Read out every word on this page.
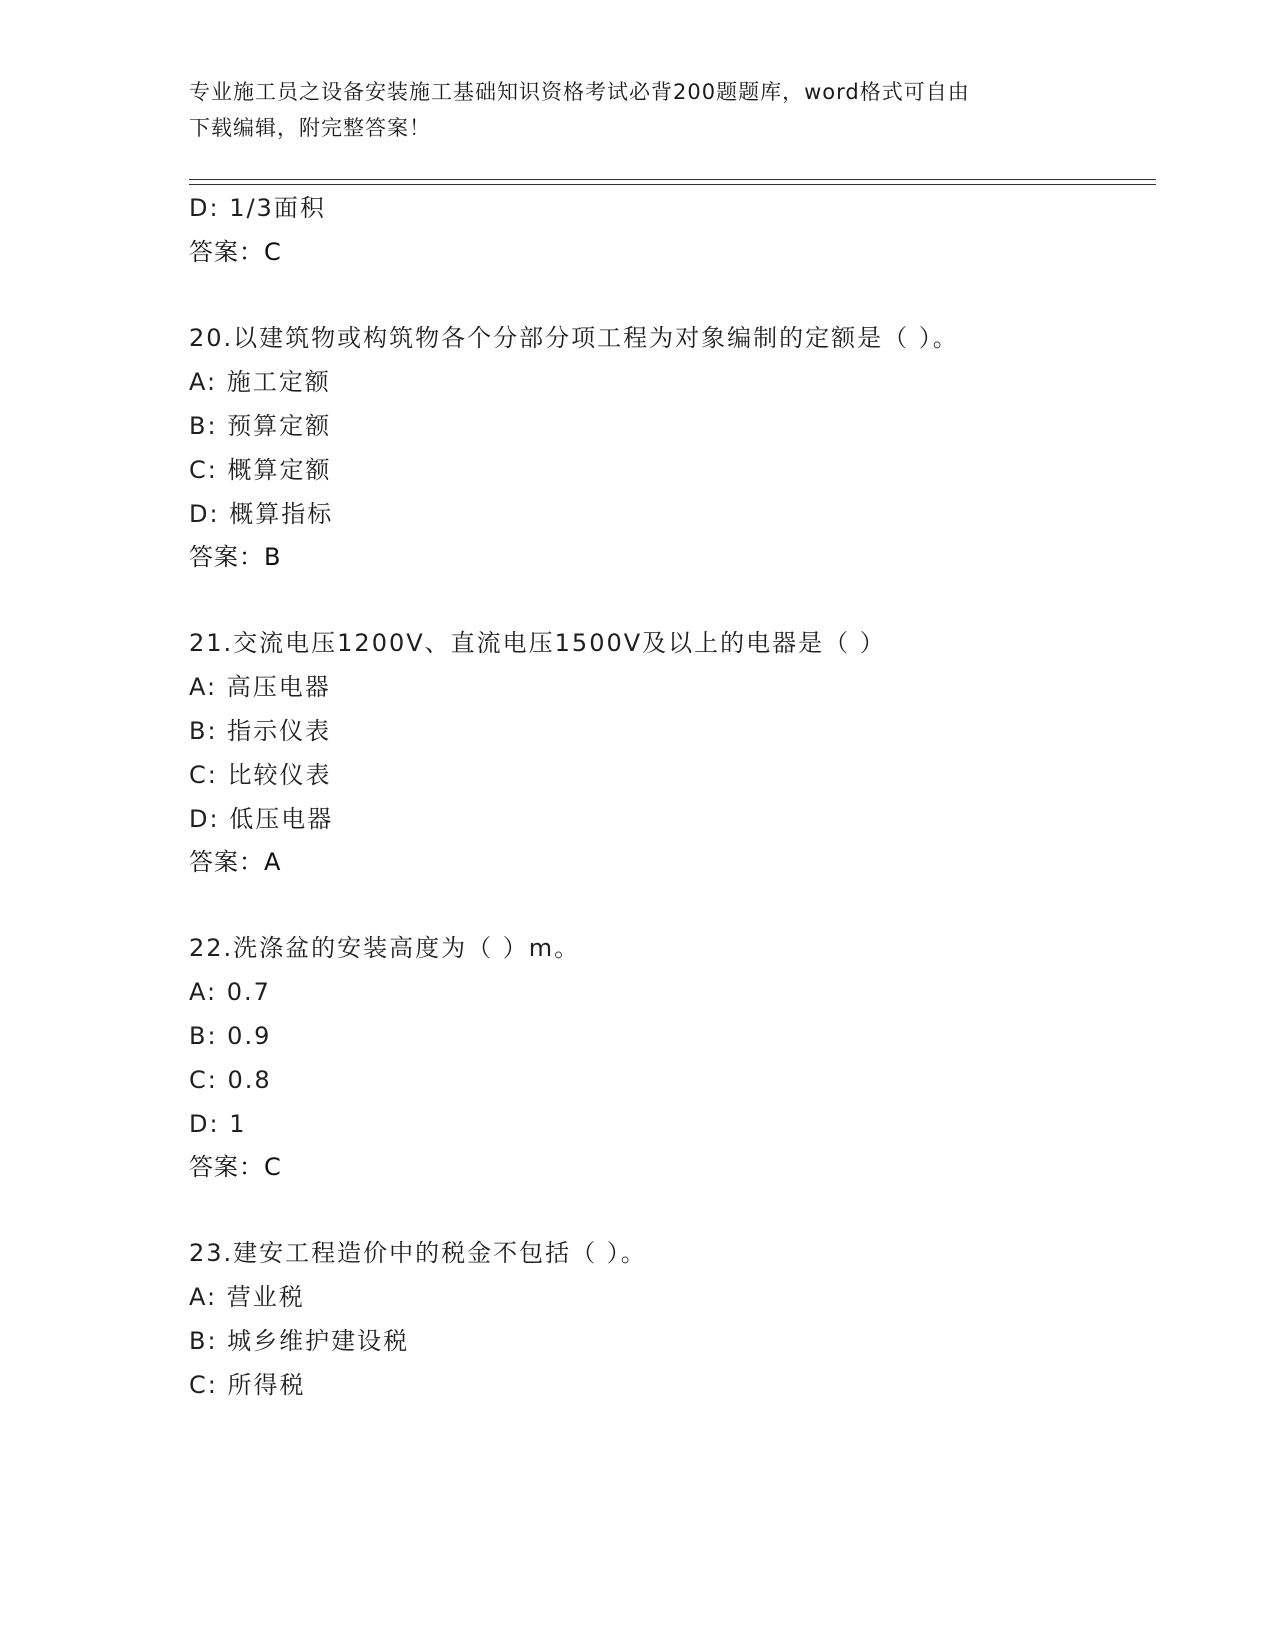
专业施工员之设备安装施工基础知识资格考试必背200题题库，word格式可自由
下载编辑，附完整答案！
D: 1/3面积
答案：C
20.以建筑物或构筑物各个分部分项工程为对象编制的定额是（ ）。
A: 施工定额
B: 预算定额
C: 概算定额
D: 概算指标
答案：B
21.交流电压1200V、直流电压1500V及以上的电器是（ ）
A: 高压电器
B: 指示仪表
C: 比较仪表
D: 低压电器
答案：A
22.洗涤盆的安装高度为（ ）m。
A: 0.7
B: 0.9
C: 0.8
D: 1
答案：C
23.建安工程造价中的税金不包括（ ）。
A: 营业税
B: 城乡维护建设税
C: 所得税
